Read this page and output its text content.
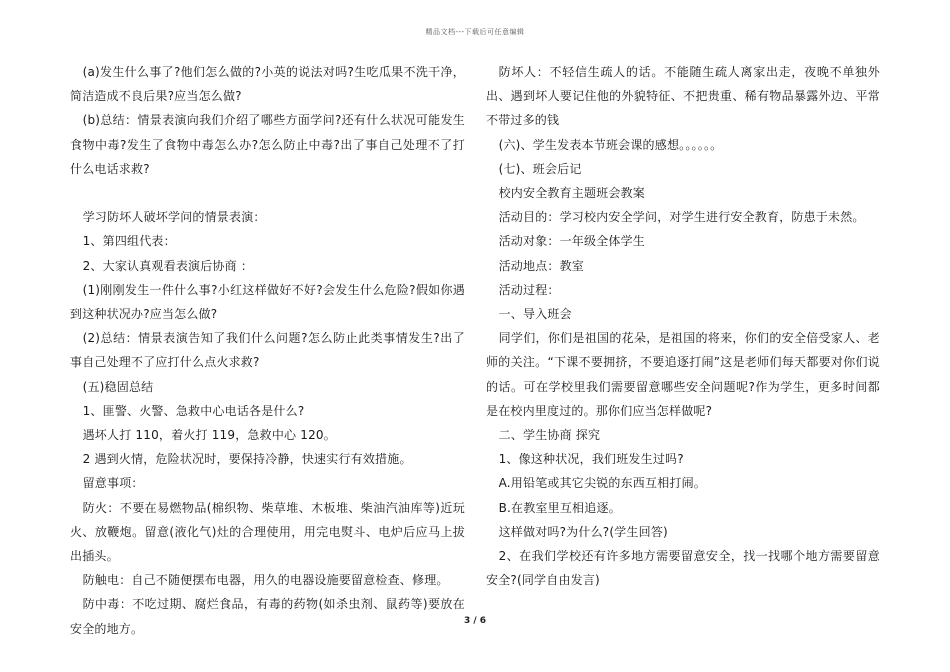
精品文档---下载后可任意编辑

(a)发生什么事了?他们怎么做的?小英的说法对吗?生吃瓜果不洗干净，简洁造成不良后果?应当怎么做?

(b)总结：情景表演向我们介绍了哪些方面学问?还有什么状况可能发生食物中毒?发生了食物中毒怎么办?怎么防止中毒?出了事自己处理不了打什么电话求救?

学习防坏人破坏学问的情景表演：

1、第四组代表：

2、大家认真观看表演后协商 ：

(1)刚刚发生一件什么事?小红这样做好不好?会发生什么危险?假如你遇到这种状况办?应当怎么做?

(2)总结：情景表演告知了我们什么问题?怎么防止此类事情发生?出了事自己处理不了应打什么点火求救?

(五)稳固总结

1、匪警、火警、急救中心电话各是什么?

遇坏人打 110，着火打 119，急救中心 120。

2 遇到火情，危险状况时，要保持冷静，快速实行有效措施。

留意事项：

防火：不要在易燃物品(棉织物、柴草堆、木板堆、柴油汽油库等)近玩火、放鞭炮。留意(液化气)灶的合理使用，用完电熨斗、电炉后应马上拔出插头。

防触电：自己不随便摆布电器，用久的电器设施要留意检查、修理。

防中毒：不吃过期、腐烂食品，有毒的药物(如杀虫剂、鼠药等)要放在安全的地方。

防坏人：不轻信生疏人的话。不能随生疏人离家出走，夜晚不单独外出、遇到坏人要记住他的外貌特征、不把贵重、稀有物品暴露外边、平常不带过多的钱

(六)、学生发表本节班会课的感想。。。。。。

(七)、班会后记

校内安全教育主题班会教案

活动目的：学习校内安全学问，对学生进行安全教育，防患于未然。

活动对象：一年级全体学生

活动地点：教室

活动过程：

一、导入班会

同学们，你们是祖国的花朵，是祖国的将来，你们的安全倍受家人、老师的关注。“下课不要拥挤，不要追逐打闹”这是老师们每天都要对你们说的话。可在学校里我们需要留意哪些安全问题呢?作为学生，更多时间都是在校内里度过的。那你们应当怎样做呢?

二、学生协商 探究

1、像这种状况，我们班发生过吗?

A.用铅笔或其它尖锐的东西互相打闹。

B.在教室里互相追逐。

这样做对吗?为什么?(学生回答)

2、在我们学校还有许多地方需要留意安全，找一找哪个地方需要留意安全?(同学自由发言)

3 / 6
